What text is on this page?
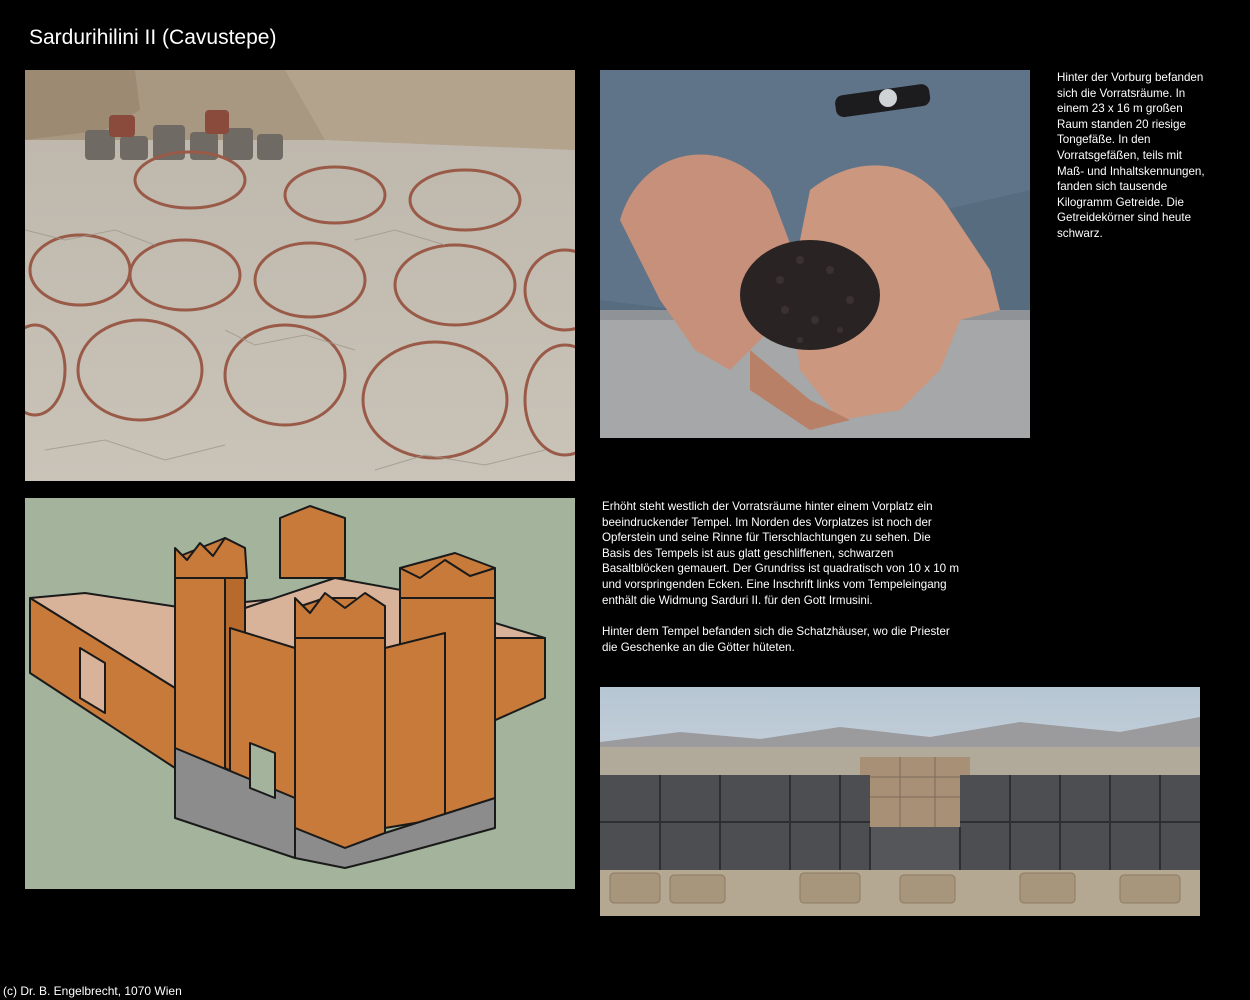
Sardurihilini II (Cavustepe)
Hinter der Vorburg befanden sich die Vorratsräume. In einem 23 x 16 m großen Raum standen 20 riesige Tongefäße. In den Vorratsgefäßen, teils mit Maß- und Inhaltskennungen, fanden sich tausende Kilogramm Getreide. Die Getreidekörner sind heute schwarz.

Erhöht steht westlich der Vorratsräume hinter einem Vorplatz ein beeindruckender Tempel. Im Norden des Vorplatzes ist noch der Opferstein und seine Rinne für Tierschlachtungen zu sehen. Die Basis des Tempels ist aus glatt geschliffenen, schwarzen Basaltblöcken gemauert. Der Grundriss ist quadratisch von 10 x 10 m und vorspringenden Ecken. Eine Inschrift links vom Tempeleingang enthält die Widmung Sarduri II. für den Gott Irmusini.

Hinter dem Tempel befanden sich die Schatzhäuser, wo die Priester die Geschenke an die Götter hüteten.

(c) Dr. B. Engelbrecht, 1070 Wien
